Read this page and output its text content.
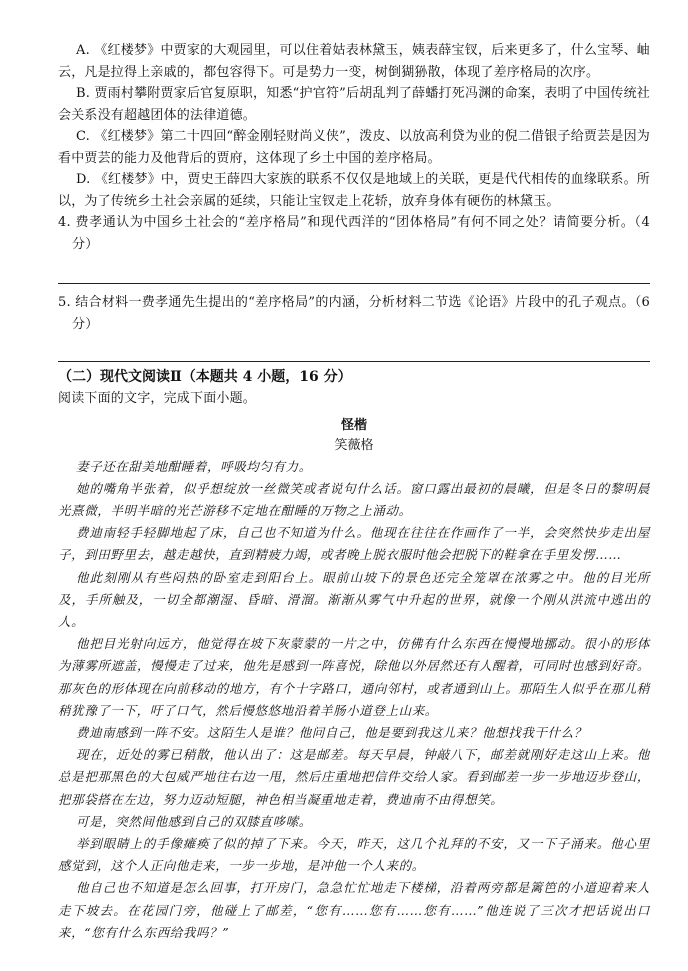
A. 《红楼梦》中贾家的大观园里，可以住着姑表林黛玉，姨表薛宝钗，后来更多了，什么宝琴、岫云，凡是拉得上亲戚的，都包容得下。可是势力一变，树倒猢狲散，体现了差序格局的次序。

B. 贾雨村攀附贾家后官复原职，知悉“护官符”后胡乱判了薛蟠打死冯渊的命案，表明了中国传统社会关系没有超越团体的法律道德。

C. 《红楼梦》第二十四回“醉金刚轻财尚义侠”，泼皮、以放高利贷为业的倪二借银子给贾芸是因为看中贾芸的能力及他背后的贾府，这体现了乡土中国的差序格局。

D. 《红楼梦》中，贾史王薛四大家族的联系不仅仅是地域上的关联，更是代代相传的血缘联系。所以，为了传统乡土社会亲属的延续，只能让宝钗走上花轿，放弃身体有硬伤的林黛玉。

4. 费孝通认为中国乡土社会的“差序格局”和现代西洋的“团体格局”有何不同之处？请简要分析。（4分）

5. 结合材料一费孝通先生提出的“差序格局”的内涵，分析材料二节选《论语》片段中的孔子观点。（6分）

（二）现代文阅读Ⅱ（本题共 4 小题，16 分）

阅读下面的文字，完成下面小题。

怪楷

笑薇格

妻子还在甜美地酣睡着，呼吸均匀有力。

她的嘴角半张着，似乎想绽放一丝微笑或者说句什么话。窗口露出最初的晨曦，但是冬日的黎明晨光熹微，半明半暗的光芒游移不定地在酣睡的万物之上涌动。

费迪南轻手轻脚地起了床，自己也不知道为什么。他现在往往在作画作了一半，会突然快步走出屋子，到田野里去，越走越快，直到精疲力竭，或者晚上脱衣服时他会把脱下的鞋拿在手里发愣……

他此刻刚从有些闷热的卧室走到阳台上。眼前山坡下的景色还完全笼罩在浓雾之中。他的目光所及，手所触及，一切全都潮湿、昏暗、滑溜。渐渐从雾气中升起的世界，就像一个刚从洪流中逃出的人。

他把目光射向远方，他觉得在坡下灰蒙蒙的一片之中，仿佛有什么东西在慢慢地挪动。很小的形体为薄雾所遮盖，慢慢走了过来，他先是感到一阵喜悦，除他以外居然还有人醒着，可同时也感到好奇。那灰色的形体现在向前移动的地方，有个十字路口，通向邻村，或者通到山上。那陌生人似乎在那儿稍稍犹豫了一下，吁了口气，然后慢悠悠地沿着羊肠小道登上山来。

费迪南感到一阵不安。这陌生人是谁？他问自己，他是要到我这儿来？他想找我干什么？

现在，近处的雾已稍散，他认出了：这是邮差。每天早晨，钟敲八下，邮差就刚好走这山上来。他总是把那黑色的大包威严地往右边一甩，然后庄重地把信件交给人家。看到邮差一步一步地迈步登山，把那袋搭在左边，努力迈动短腿，神色相当凝重地走着，费迪南不由得想笑。

可是，突然间他感到自己的双膝直哆嗦。

举到眼睛上的手像瘫痪了似的掉了下来。今天，昨天，这几个礼拜的不安，又一下子涌来。他心里感觉到，这个人正向他走来，一步一步地，是冲他一个人来的。

他自己也不知道是怎么回事，打开房门，急急忙忙地走下楼梯，沿着两旁都是篱笆的小道迎着来人走下坡去。在花园门旁，他碰上了邮差，“您有……您有……您有……”他连说了三次才把话说出口来，“您有什么东西给我吗？”
